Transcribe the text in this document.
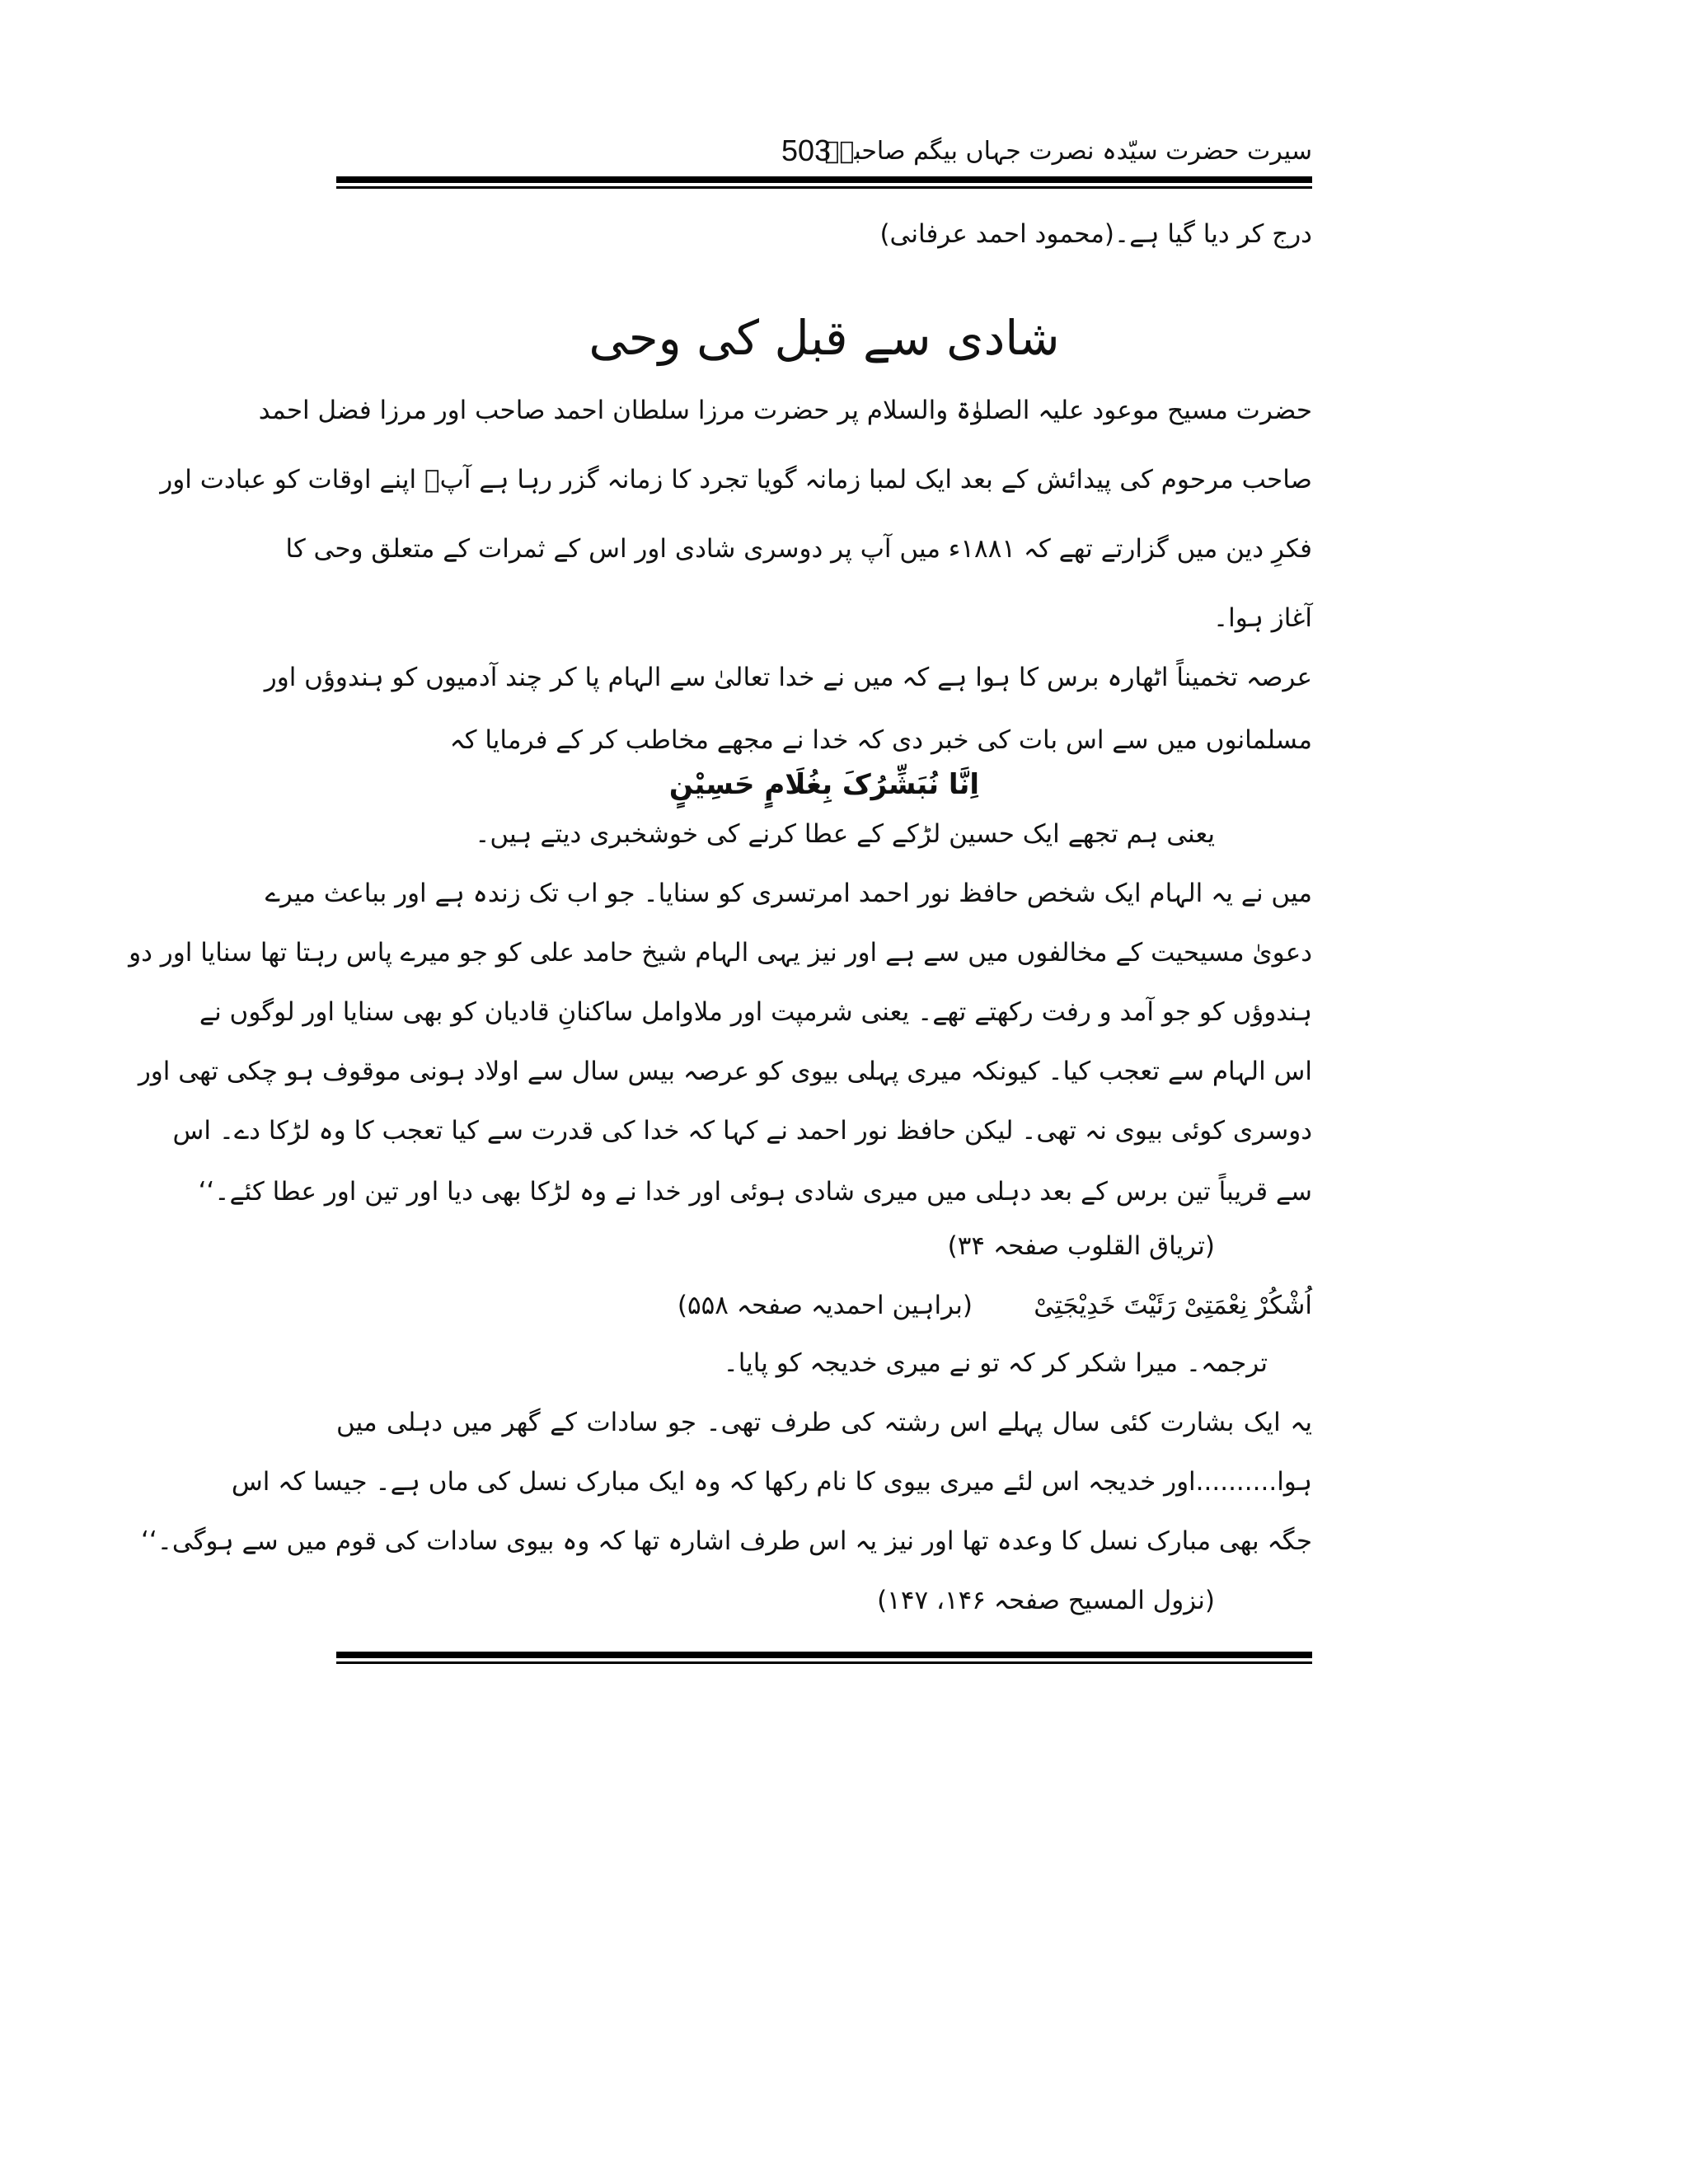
503
سیرت حضرت سیّدہ نصرت جہاں بیگم صاحبہؓ
درج کر دیا گیا ہے۔(محمود احمد عرفانی)
شادی سے قبل کی وحی
حضرت مسیح موعود علیہ الصلوٰۃ والسلام پر حضرت مرزا سلطان احمد صاحب اور مرزا فضل احمد
صاحب مرحوم کی پیدائش کے بعد ایک لمبا زمانہ گویا تجرد کا زمانہ گزر رہا ہے آپؑ اپنے اوقات کو عبادت اور
فکرِ دین میں گزارتے تھے کہ ۱۸۸۱ء میں آپ پر دوسری شادی اور اس کے ثمرات کے متعلق وحی کا
آغاز ہوا۔
عرصہ تخمیناً اٹھارہ برس کا ہوا ہے کہ میں نے خدا تعالیٰ سے الہام پا کر چند آدمیوں کو ہندوؤں اور
مسلمانوں میں سے اس بات کی خبر دی کہ خدا نے مجھے مخاطب کر کے فرمایا کہ
اِنَّا نُبَشِّرُکَ بِغُلَامٍ حَسِیْنٍ
یعنی ہم تجھے ایک حسین لڑکے کے عطا کرنے کی خوشخبری دیتے ہیں۔
میں نے یہ الہام ایک شخص حافظ نور احمد امرتسری کو سنایا۔ جو اب تک زندہ ہے اور بباعث میرے
دعویٰ مسیحیت کے مخالفوں میں سے ہے اور نیز یہی الہام شیخ حامد علی کو جو میرے پاس رہتا تھا سنایا اور دو
ہندوؤں کو جو آمد و رفت رکھتے تھے۔ یعنی شرمپت اور ملاوامل ساکنانِ قادیان کو بھی سنایا اور لوگوں نے
اس الہام سے تعجب کیا۔ کیونکہ میری پہلی بیوی کو عرصہ بیس سال سے اولاد ہونی موقوف ہو چکی تھی اور
دوسری کوئی بیوی نہ تھی۔ لیکن حافظ نور احمد نے کہا کہ خدا کی قدرت سے کیا تعجب کا وہ لڑکا دے۔ اس
سے قریباً تین برس کے بعد دہلی میں میری شادی ہوئی اور خدا نے وہ لڑکا بھی دیا اور تین اور عطا کئے۔‘‘
(تریاق القلوب صفحہ ۳۴)
اُشْکُرْ نِعْمَتِیْ رَئَیْتَ خَدِیْجَتِیْ
(براہین احمدیہ صفحہ ۵۵۸)
ترجمہ۔ میرا شکر کر کہ تو نے میری خدیجہ کو پایا۔
یہ ایک بشارت کئی سال پہلے اس رشتہ کی طرف تھی۔ جو سادات کے گھر میں دہلی میں
ہوا..........اور خدیجہ اس لئے میری بیوی کا نام رکھا کہ وہ ایک مبارک نسل کی ماں ہے۔ جیسا کہ اس
جگہ بھی مبارک نسل کا وعدہ تھا اور نیز یہ اس طرف اشارہ تھا کہ وہ بیوی سادات کی قوم میں سے ہوگی۔‘‘
(نزول المسیح صفحہ ۱۴۶، ۱۴۷)
